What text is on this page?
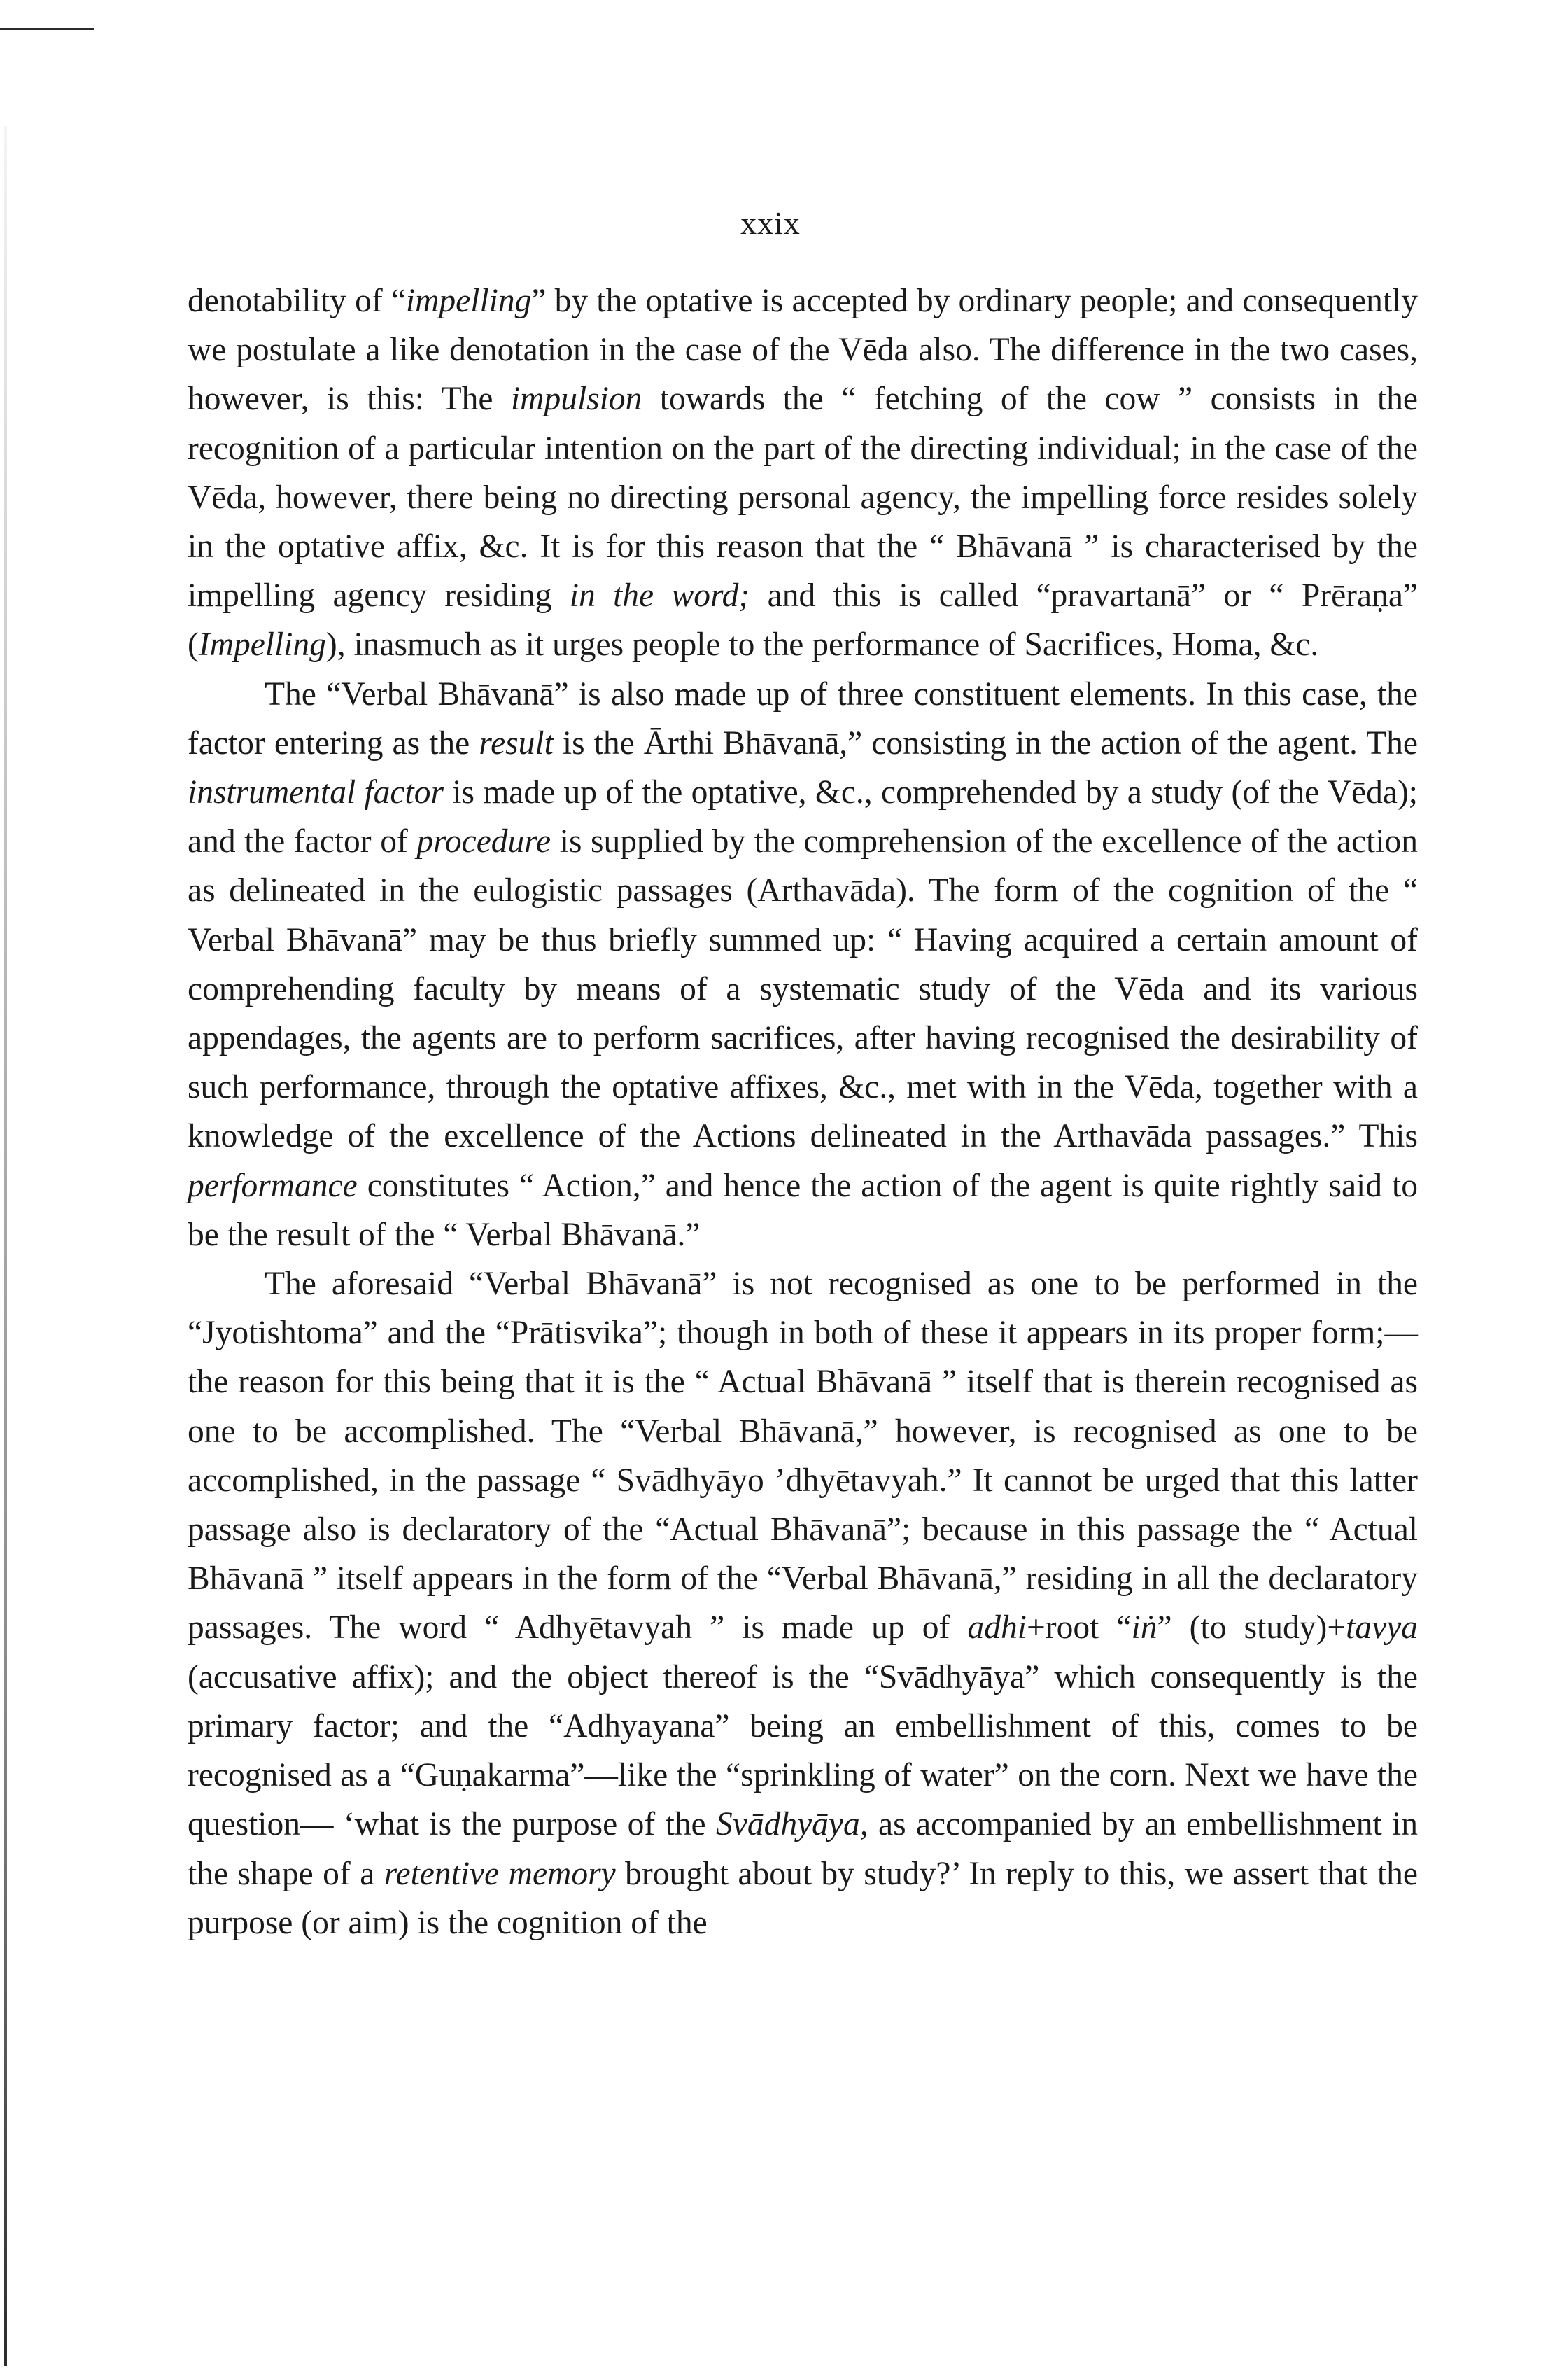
xxix

denotability of “impelling” by the optative is accepted by ordinary people; and consequently we postulate a like denotation in the case of the Vēda also. The difference in the two cases, however, is this: The impulsion towards the “ fetching of the cow ” consists in the recognition of a particular intention on the part of the directing individual; in the case of the Vēda, however, there being no directing personal agency, the impelling force resides solely in the optative affix, &c. It is for this reason that the “ Bhāvanā ” is characterised by the impelling agency residing in the word; and this is called “pravartanā” or “ Prēraṇa” (Impelling), inasmuch as it urges people to the performance of Sacrifices, Homa, &c.

The “Verbal Bhāvanā” is also made up of three constituent elements. In this case, the factor entering as the result is the Ārthi Bhāvanā,” consisting in the action of the agent. The instrumental factor is made up of the optative, &c., comprehended by a study (of the Vēda); and the factor of procedure is supplied by the comprehension of the excellence of the action as delineated in the eulogistic passages (Arthavāda). The form of the cognition of the “ Verbal Bhāvanā” may be thus briefly summed up: “ Having acquired a certain amount of comprehending faculty by means of a systematic study of the Vēda and its various appendages, the agents are to perform sacrifices, after having recognised the desirability of such performance, through the optative affixes, &c., met with in the Vēda, together with a knowledge of the excellence of the Actions delineated in the Arthavāda passages.” This performance constitutes “ Action,” and hence the action of the agent is quite rightly said to be the result of the “ Verbal Bhāvanā.”

The aforesaid “Verbal Bhāvanā” is not recognised as one to be performed in the “Jyotishtoma” and the “Prātisvika”; though in both of these it appears in its proper form;—the reason for this being that it is the “ Actual Bhāvanā ” itself that is therein recognised as one to be accomplished. The “Verbal Bhāvanā,” however, is recognised as one to be accomplished, in the passage “ Svādhyāyo ’dhyētavyah.” It cannot be urged that this latter passage also is declaratory of the “Actual Bhāvanā”; because in this passage the “ Actual Bhāvanā ” itself appears in the form of the “Verbal Bhāvanā,” residing in all the declaratory passages. The word “ Adhyētavyah ” is made up of adhi+root “iṅ” (to study)+tavya (accusative affix); and the object thereof is the “Svādhyāya” which consequently is the primary factor; and the “Adhyayana” being an embellishment of this, comes to be recognised as a “Guṇakarma”—like the “sprinkling of water” on the corn. Next we have the question— ‘what is the purpose of the Svādhyāya, as accompanied by an embellishment in the shape of a retentive memory brought about by study?’ In reply to this, we assert that the purpose (or aim) is the cognition of the
